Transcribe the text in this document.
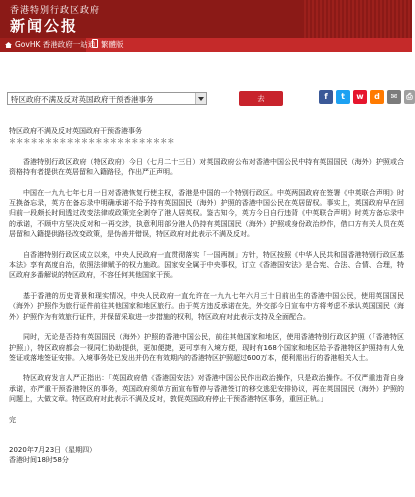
香港特别行政区政府
新闻公报
GovHK 香港政府一站通 繁體版
特区政府不满及反对英国政府干预香港事务	去	f	t	w	d	✉	⎙

特区政府不满及反对英国政府干预香港事务

＊＊＊＊＊＊＊＊＊＊＊＊＊＊＊＊＊＊＊＊＊＊＊

香港特别行政区政府（特区政府）今日（七月二十三日）对英国政府公布对香港中国公民中持有英国国民（海外）护照或合资格持有者提供在英居留和入籍路径，作出严正声明。

中国在一九九七年七月一日对香港恢复行使主权，香港是中国的一个特别行政区。中英两国政府在签署《中英联合声明》时互换备忘录，英方在备忘录中明确承诺不给予持有英国国民（海外）护照的香港中国公民在英居留权。事实上，英国政府早在回归前一段颇长时间透过改变法律或政策完全剥夺了港人居英权。鉴古知今，英方今日自行违背《中英联合声明》时英方备忘录中的承诺，不顾中方坚决反对和一再交涉，执意利用部分港人仍持有英国国民（海外）护照或身份政治炒作，借口方有关人员在英居留和入籍提供路径改变政策，是伪善并错误，特区政府对此表示不满及反对。

自香港特别行政区成立以来，中央人民政府一直贯彻落实「一国两制」方针，特区按照《中华人民共和国香港特别行政区基本法》享有高度自治，依照法律赋予的权力施政。国家安全属于中央事权，订立《香港国安法》是合宪、合法、合情、合理，特区政府多番解说的特区政府，不容任何其他国家干预。

基于香港的历史背景和现实情况，中央人民政府一直允许在一九九七年六月三十日前出生的香港中国公民，使用英国国民（海外）护照作为旅行证件前往其他国家和地区旅行。由于英方违反承诺在先，外交部今日宣布中方将考虑不承认英国国民（海外）护照作为有效旅行证件，并保留采取进一步措施的权利，特区政府对此表示支持及全面配合。

同时，无论是否持有英国国民（海外）护照的香港中国公民，前往其他国家和地区，使用香港特别行政区护照（「香港特区护照」），特区政府都会一视同仁协助提供，更加便捷，更可享有入境方便，现时有168个国家和地区给予香港特区护照持有人免签证或落地签证安排。入境事务处已发出并仍在有效期内的香港特区护照超过600万本，便利需出行的香港相关人士。

特区政府发言人严正指出：「英国政府借《香港国安法》对香港中国公民作出政治操作，只是政治操作。不仅严重违背自身承诺，亦严重干预香港特区的事务，英国政府须单方面宣布暂停与香港签订的移交逃犯安排协议，再在英国国民（海外）护照的问题上，大做文章。特区政府对此表示不满及反对，敦促英国政府停止干预香港特区事务，重回正轨。」

完

2020年7月23日（星期四）

香港时间18时58分
